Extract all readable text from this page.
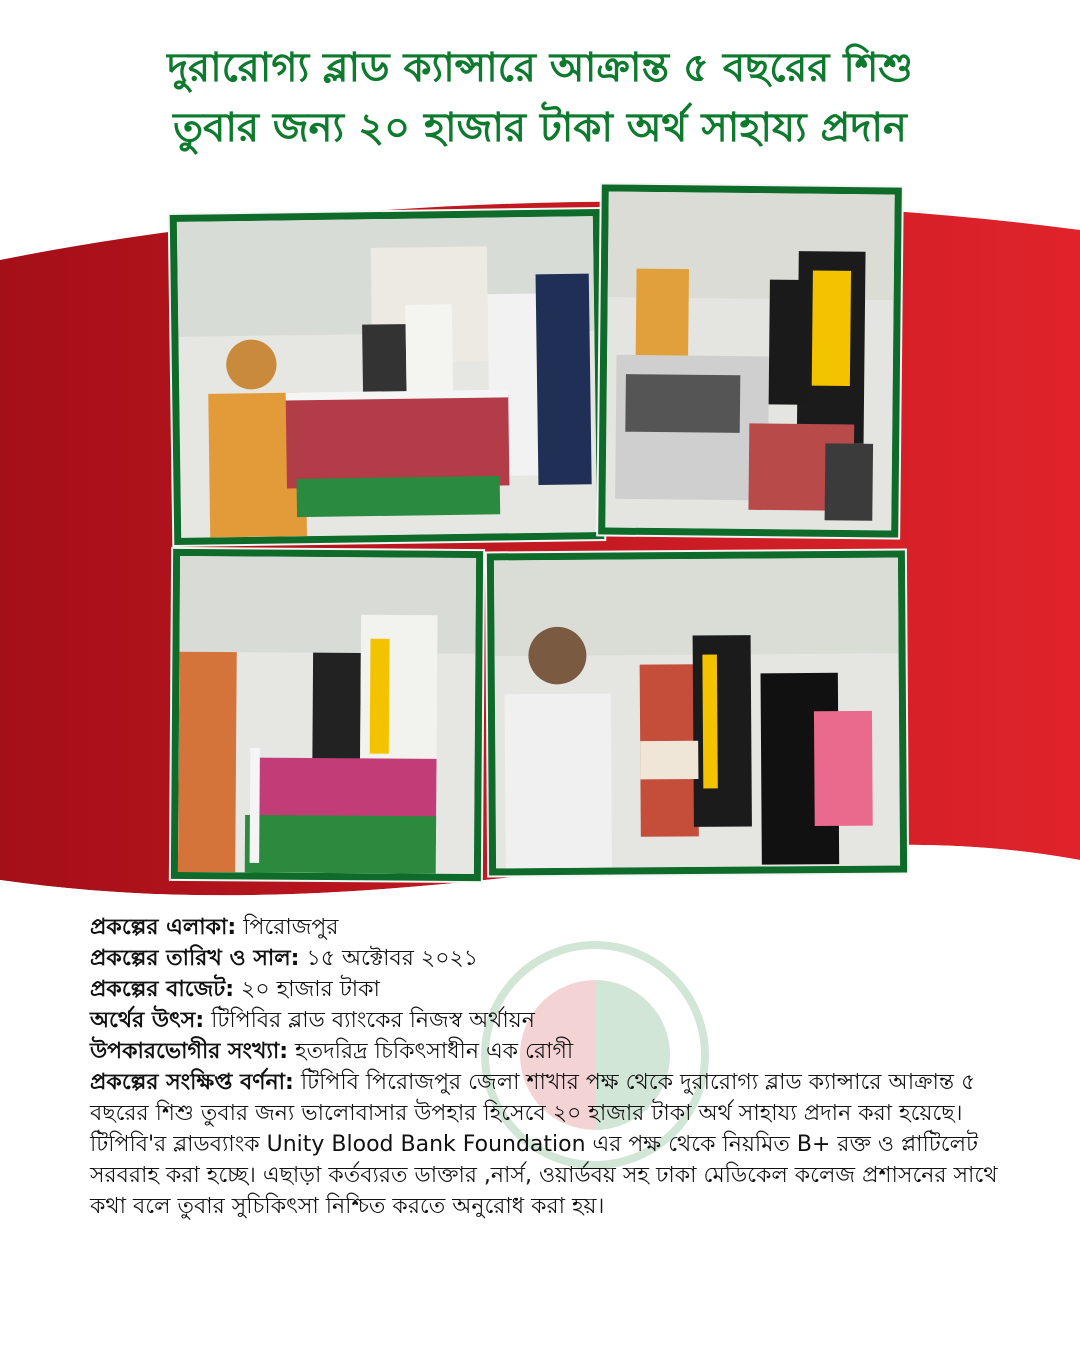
দুরারোগ্য ব্লাড ক্যান্সারে আক্রান্ত ৫ বছরের শিশু
তুবার জন্য ২০ হাজার টাকা অর্থ সাহায্য প্রদান
প্রকল্পের এলাকা: পিরোজপুর
প্রকল্পের তারিখ ও সাল: ১৫ অক্টোবর ২০২১
প্রকল্পের বাজেট: ২০ হাজার টাকা
অর্থের উৎস: টিপিবির ব্লাড ব্যাংকের নিজস্ব অর্থায়ন
উপকারভোগীর সংখ্যা: হতদরিদ্র চিকিৎসাধীন এক রোগী
প্রকল্পের সংক্ষিপ্ত বর্ণনা: টিপিবি পিরোজপুর জেলা শাখার পক্ষ থেকে দুরারোগ্য ব্লাড ক্যান্সারে আক্রান্ত ৫ বছরের শিশু তুবার জন্য ভালোবাসার উপহার হিসেবে ২০ হাজার টাকা অর্থ সাহায্য প্রদান করা হয়েছে। টিপিবি'র ব্লাডব্যাংক Unity Blood Bank Foundation এর পক্ষ থেকে নিয়মিত B+ রক্ত ও প্লাটিলেট সরবরাহ করা হচ্ছে। এছাড়া কর্তব্যরত ডাক্তার ,নার্স, ওয়ার্ডবয় সহ ঢাকা মেডিকেল কলেজ প্রশাসনের সাথে কথা বলে তুবার সুচিকিৎসা নিশ্চিত করতে অনুরোধ করা হয়।
